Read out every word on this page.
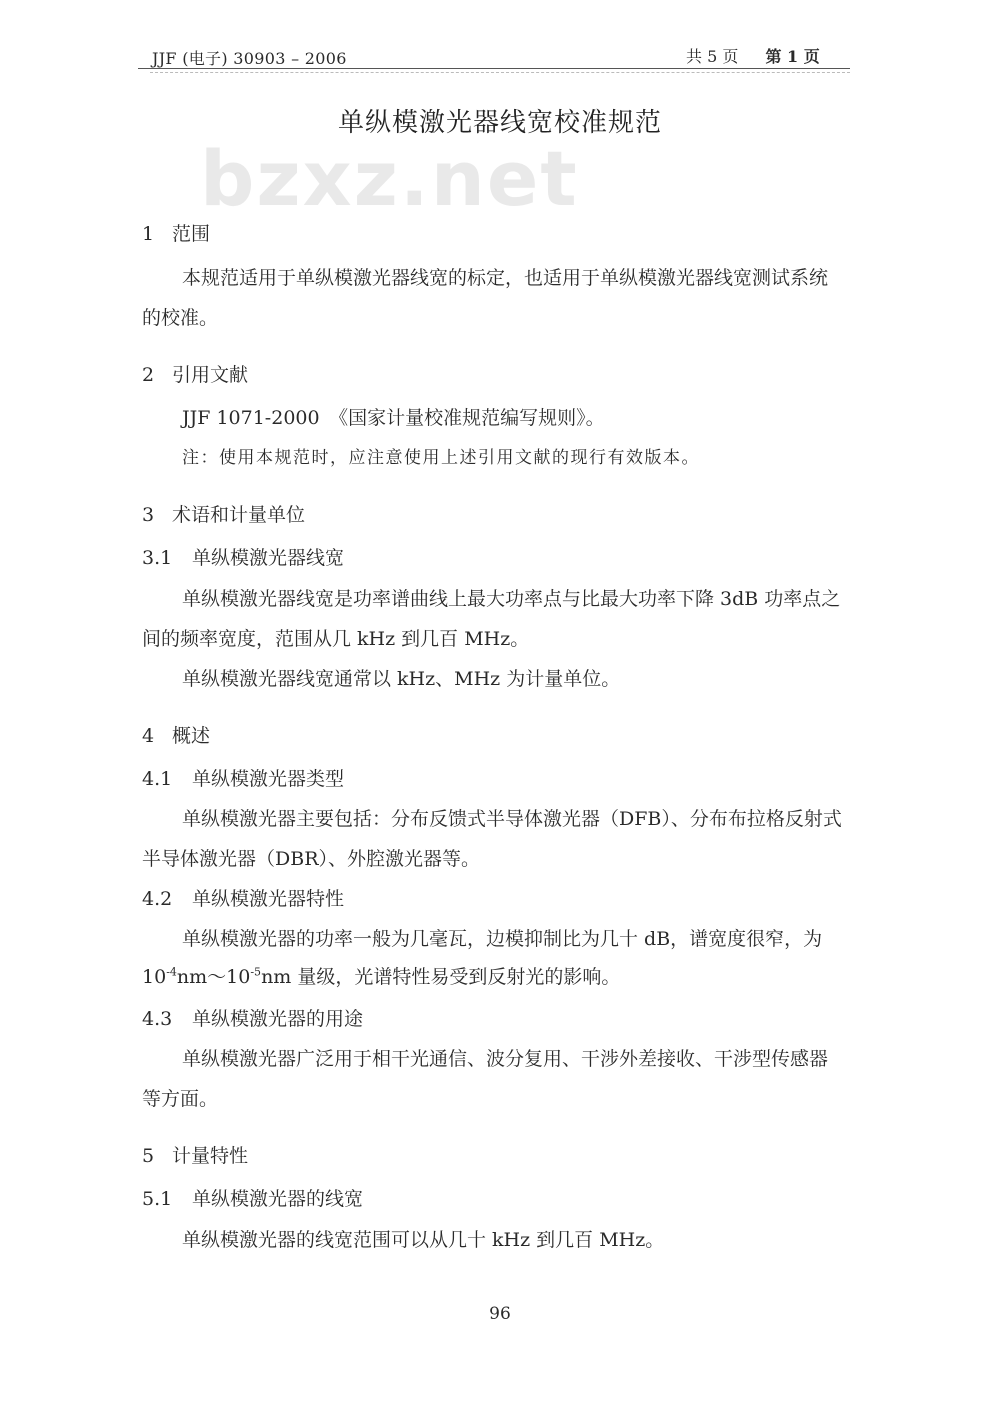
JJF (电子) 30903 – 2006	共 5 页 第 1 页
单纵模激光器线宽校准规范
bzxz.net
1 范围
本规范适用于单纵模激光器线宽的标定，也适用于单纵模激光器线宽测试系统
的校准。
2 引用文献
JJF 1071-2000　《国家计量校准规范编写规则》。
注：使用本规范时，应注意使用上述引用文献的现行有效版本。
3 术语和计量单位
3.1 单纵模激光器线宽
单纵模激光器线宽是功率谱曲线上最大功率点与比最大功率下降 3dB 功率点之
间的频率宽度，范围从几 kHz 到几百 MHz。
单纵模激光器线宽通常以 kHz、MHz 为计量单位。
4 概述
4.1 单纵模激光器类型
单纵模激光器主要包括：分布反馈式半导体激光器（DFB）、分布布拉格反射式
半导体激光器（DBR）、外腔激光器等。
4.2 单纵模激光器特性
单纵模激光器的功率一般为几毫瓦，边模抑制比为几十 dB，谱宽度很窄，为
$10^{-4}nm\sim 10^{-5}nm$ 量级，光谱特性易受到反射光的影响。
4.3 单纵模激光器的用途
单纵模激光器广泛用于相干光通信、波分复用、干涉外差接收、干涉型传感器
等方面。
5 计量特性
5.1 单纵模激光器的线宽
单纵模激光器的线宽范围可以从几十 kHz 到几百 MHz。
96
